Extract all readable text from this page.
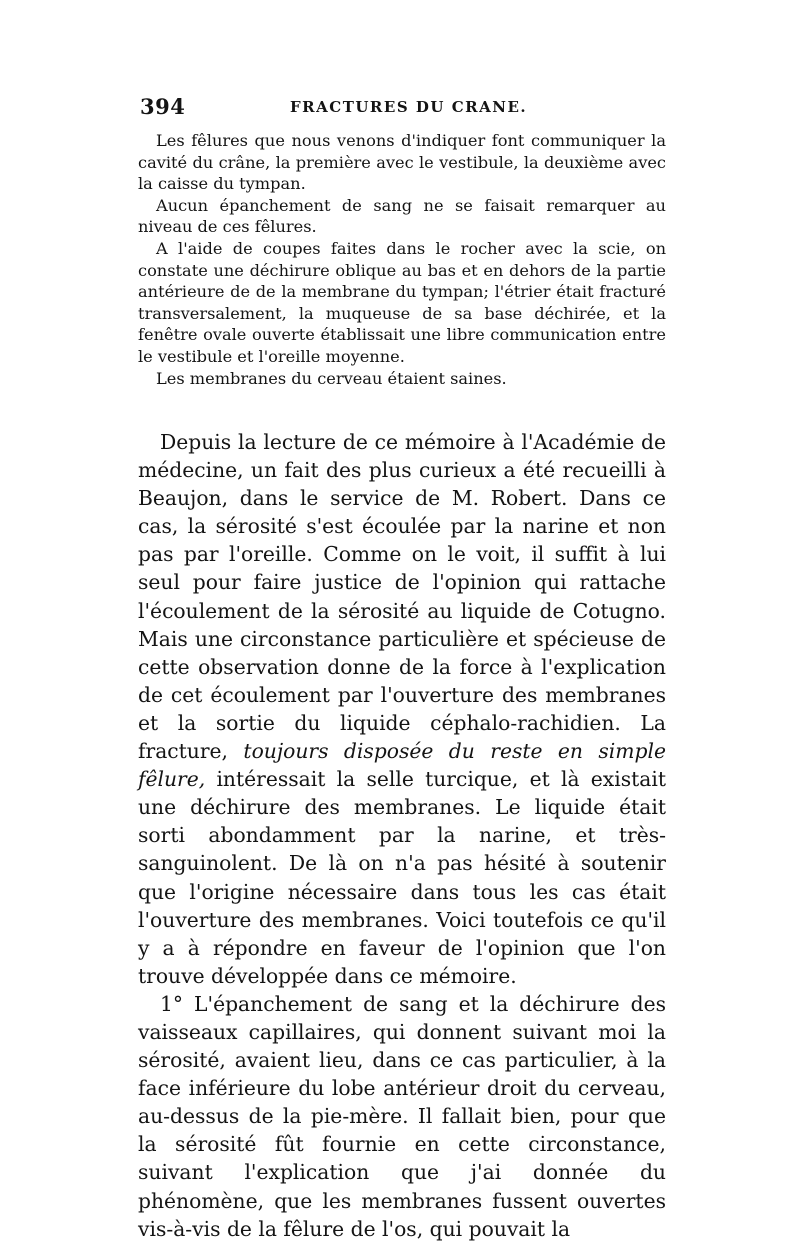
394	FRACTURES DU CRANE.

Les fêlures que nous venons d'indiquer font communiquer la cavité du crâne, la première avec le vestibule, la deuxième avec la caisse du tympan.

Aucun épanchement de sang ne se faisait remarquer au niveau de ces fêlures.

A l'aide de coupes faites dans le rocher avec la scie, on constate une déchirure oblique au bas et en dehors de la partie antérieure de de la membrane du tympan; l'étrier était fracturé transversalement, la muqueuse de sa base déchirée, et la fenêtre ovale ouverte établissait une libre communication entre le vestibule et l'oreille moyenne.

Les membranes du cerveau étaient saines.

Depuis la lecture de ce mémoire à l'Académie de médecine, un fait des plus curieux a été recueilli à Beaujon, dans le service de M. Robert. Dans ce cas, la sérosité s'est écoulée par la narine et non pas par l'oreille. Comme on le voit, il suffit à lui seul pour faire justice de l'opinion qui rattache l'écoulement de la sérosité au liquide de Cotugno. Mais une circonstance particulière et spécieuse de cette observation donne de la force à l'explication de cet écoulement par l'ouverture des membranes et la sortie du liquide céphalo-rachidien. La fracture, toujours disposée du reste en simple fêlure, intéressait la selle turcique, et là existait une déchirure des membranes. Le liquide était sorti abondamment par la narine, et très-sanguinolent. De là on n'a pas hésité à soutenir que l'origine nécessaire dans tous les cas était l'ouverture des membranes. Voici toutefois ce qu'il y a à répondre en faveur de l'opinion que l'on trouve développée dans ce mémoire.

1° L'épanchement de sang et la déchirure des vaisseaux capillaires, qui donnent suivant moi la sérosité, avaient lieu, dans ce cas particulier, à la face inférieure du lobe antérieur droit du cerveau, au-dessus de la pie-mère. Il fallait bien, pour que la sérosité fût fournie en cette circonstance, suivant l'explication que j'ai donnée du phénomène, que les membranes fussent ouvertes vis-à-vis de la fêlure de l'os, qui pouvait la
